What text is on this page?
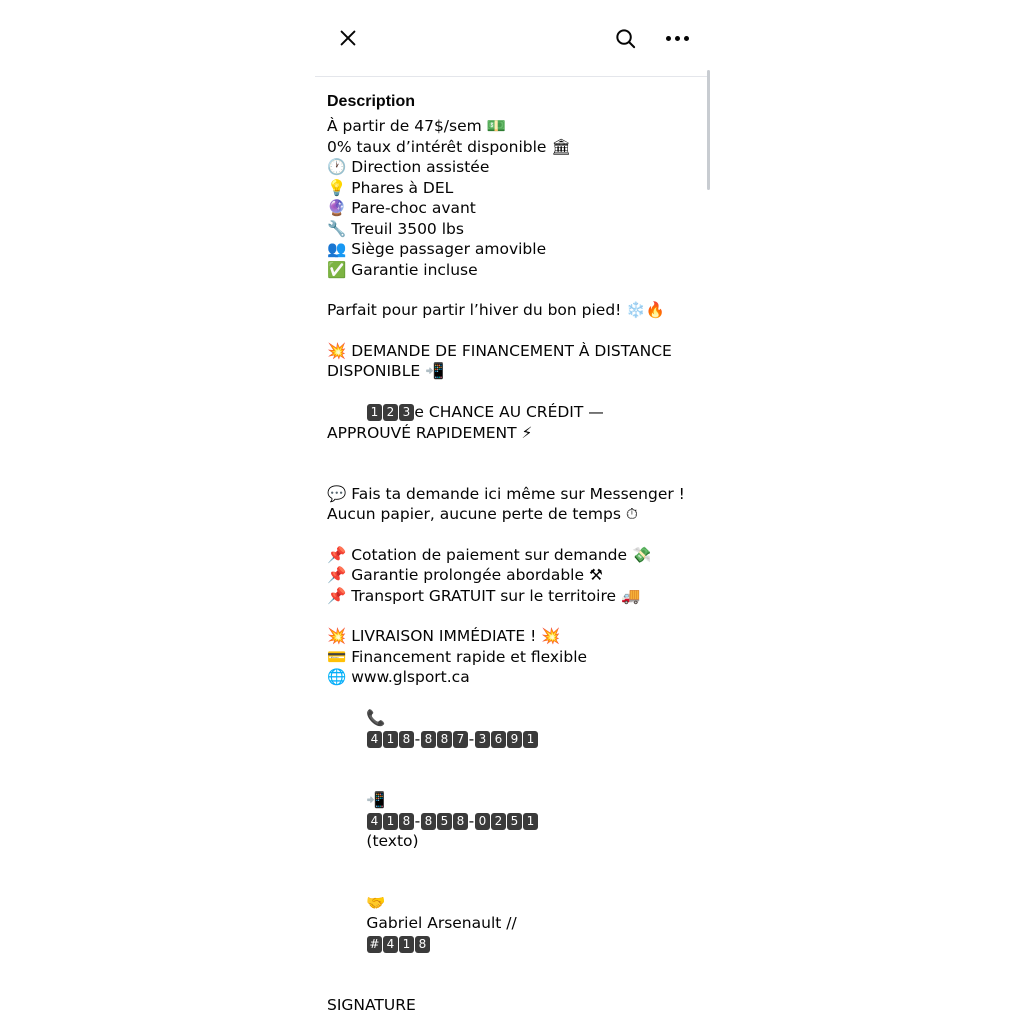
Description

À partir de 47$/sem 💵

0% taux d’intérêt disponible 🏛

🕐 Direction assistée

💡 Phares à DEL

🔮 Pare-choc avant

🔧 Treuil 3500 lbs

👥 Siège passager amovible

✅ Garantie incluse

Parfait pour partir l’hiver du bon pied! ❄️🔥

💥 DEMANDE DE FINANCEMENT À DISTANCE DISPONIBLE 📲

1 2 3 e CHANCE AU CRÉDIT — APPROUVÉ RAPIDEMENT ⚡

💬 Fais ta demande ici même sur Messenger !

Aucun papier, aucune perte de temps ⏱

📌 Cotation de paiement sur demande 💸

📌 Garantie prolongée abordable ⚒

📌 Transport GRATUIT sur le territoire 🚚

💥 LIVRAISON IMMÉDIATE ! 💥

💳 Financement rapide et flexible

🌐 www.glsport.ca

📞
4 1 8 - 8 8 7 - 3 6 9 1

📲
4 1 8 - 8 5 8 - 0 2 5 1
(texto)

🤝
Gabriel Arsenault //
# 4 1 8

SIGNATURE
